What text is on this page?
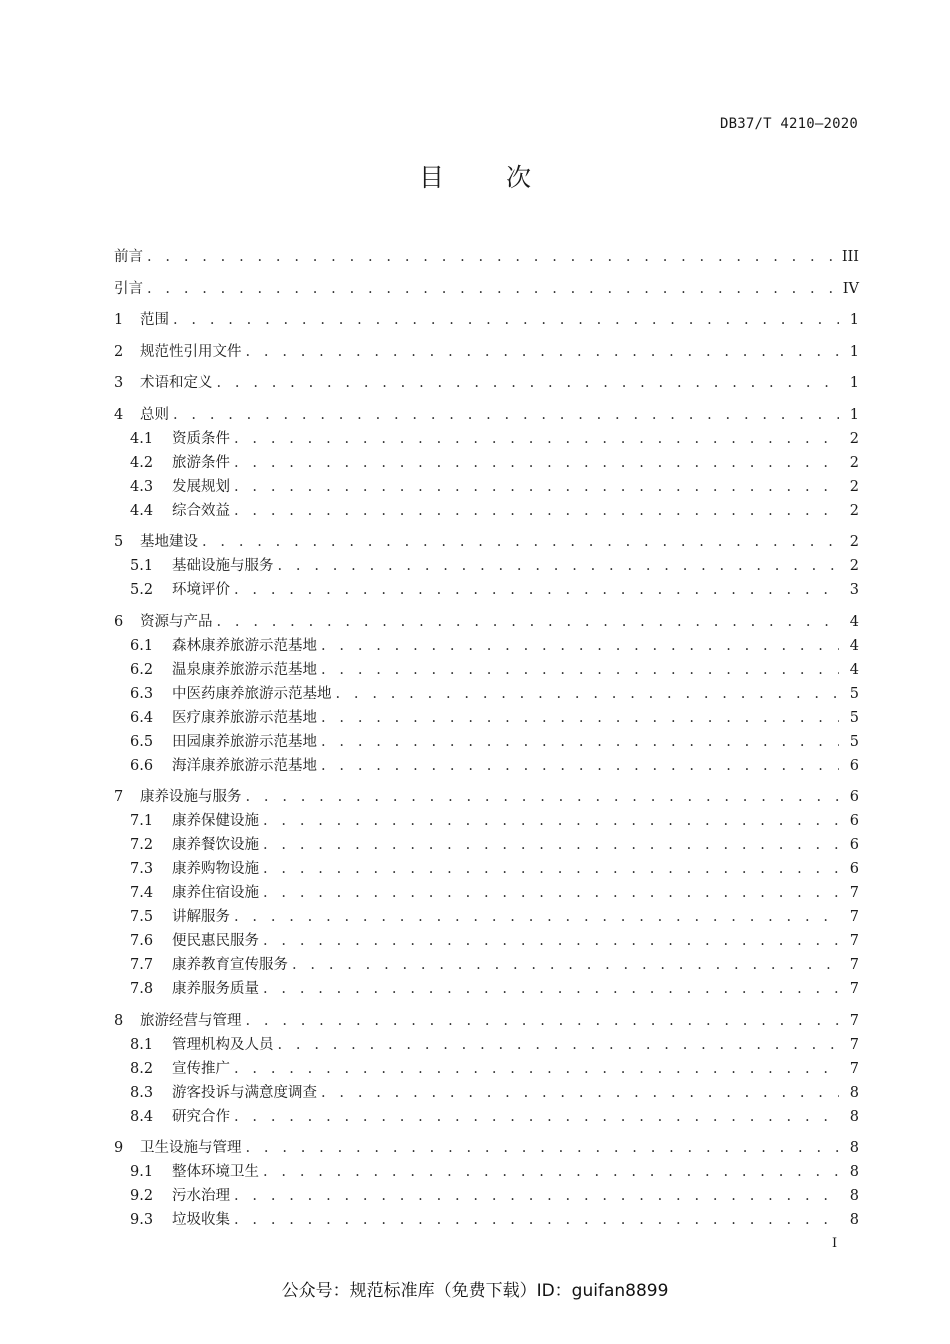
DB37/T 4210—2020
目次
前言 . . .	III
引言 . . .	IV
1	范围 . . .	1
2	规范性引用文件 . . .	1
3	术语和定义 . . .	1
4	总则 . . .	1
4.1	资质条件 . . .	2
4.2	旅游条件 . . .	2
4.3	发展规划 . . .	2
4.4	综合效益 . . .	2
5	基地建设 . . .	2
5.1	基础设施与服务 . . .	2
5.2	环境评价 . . .	3
6	资源与产品 . . .	4
6.1	森林康养旅游示范基地 . . .	4
6.2	温泉康养旅游示范基地 . . .	4
6.3	中医药康养旅游示范基地 . . .	5
6.4	医疗康养旅游示范基地 . . .	5
6.5	田园康养旅游示范基地 . . .	5
6.6	海洋康养旅游示范基地 . . .	6
7	康养设施与服务 . . .	6
7.1	康养保健设施 . . .	6
7.2	康养餐饮设施 . . .	6
7.3	康养购物设施 . . .	6
7.4	康养住宿设施 . . .	7
7.5	讲解服务 . . .	7
7.6	便民惠民服务 . . .	7
7.7	康养教育宣传服务 . . .	7
7.8	康养服务质量 . . .	7
8	旅游经营与管理 . . .	7
8.1	管理机构及人员 . . .	7
8.2	宣传推广 . . .	7
8.3	游客投诉与满意度调查 . . .	8
8.4	研究合作 . . .	8
9	卫生设施与管理 . . .	8
9.1	整体环境卫生 . . .	8
9.2	污水治理 . . .	8
9.3	垃圾收集 . . .	8
I
公众号：规范标准库（免费下载）ID：guifan8899
